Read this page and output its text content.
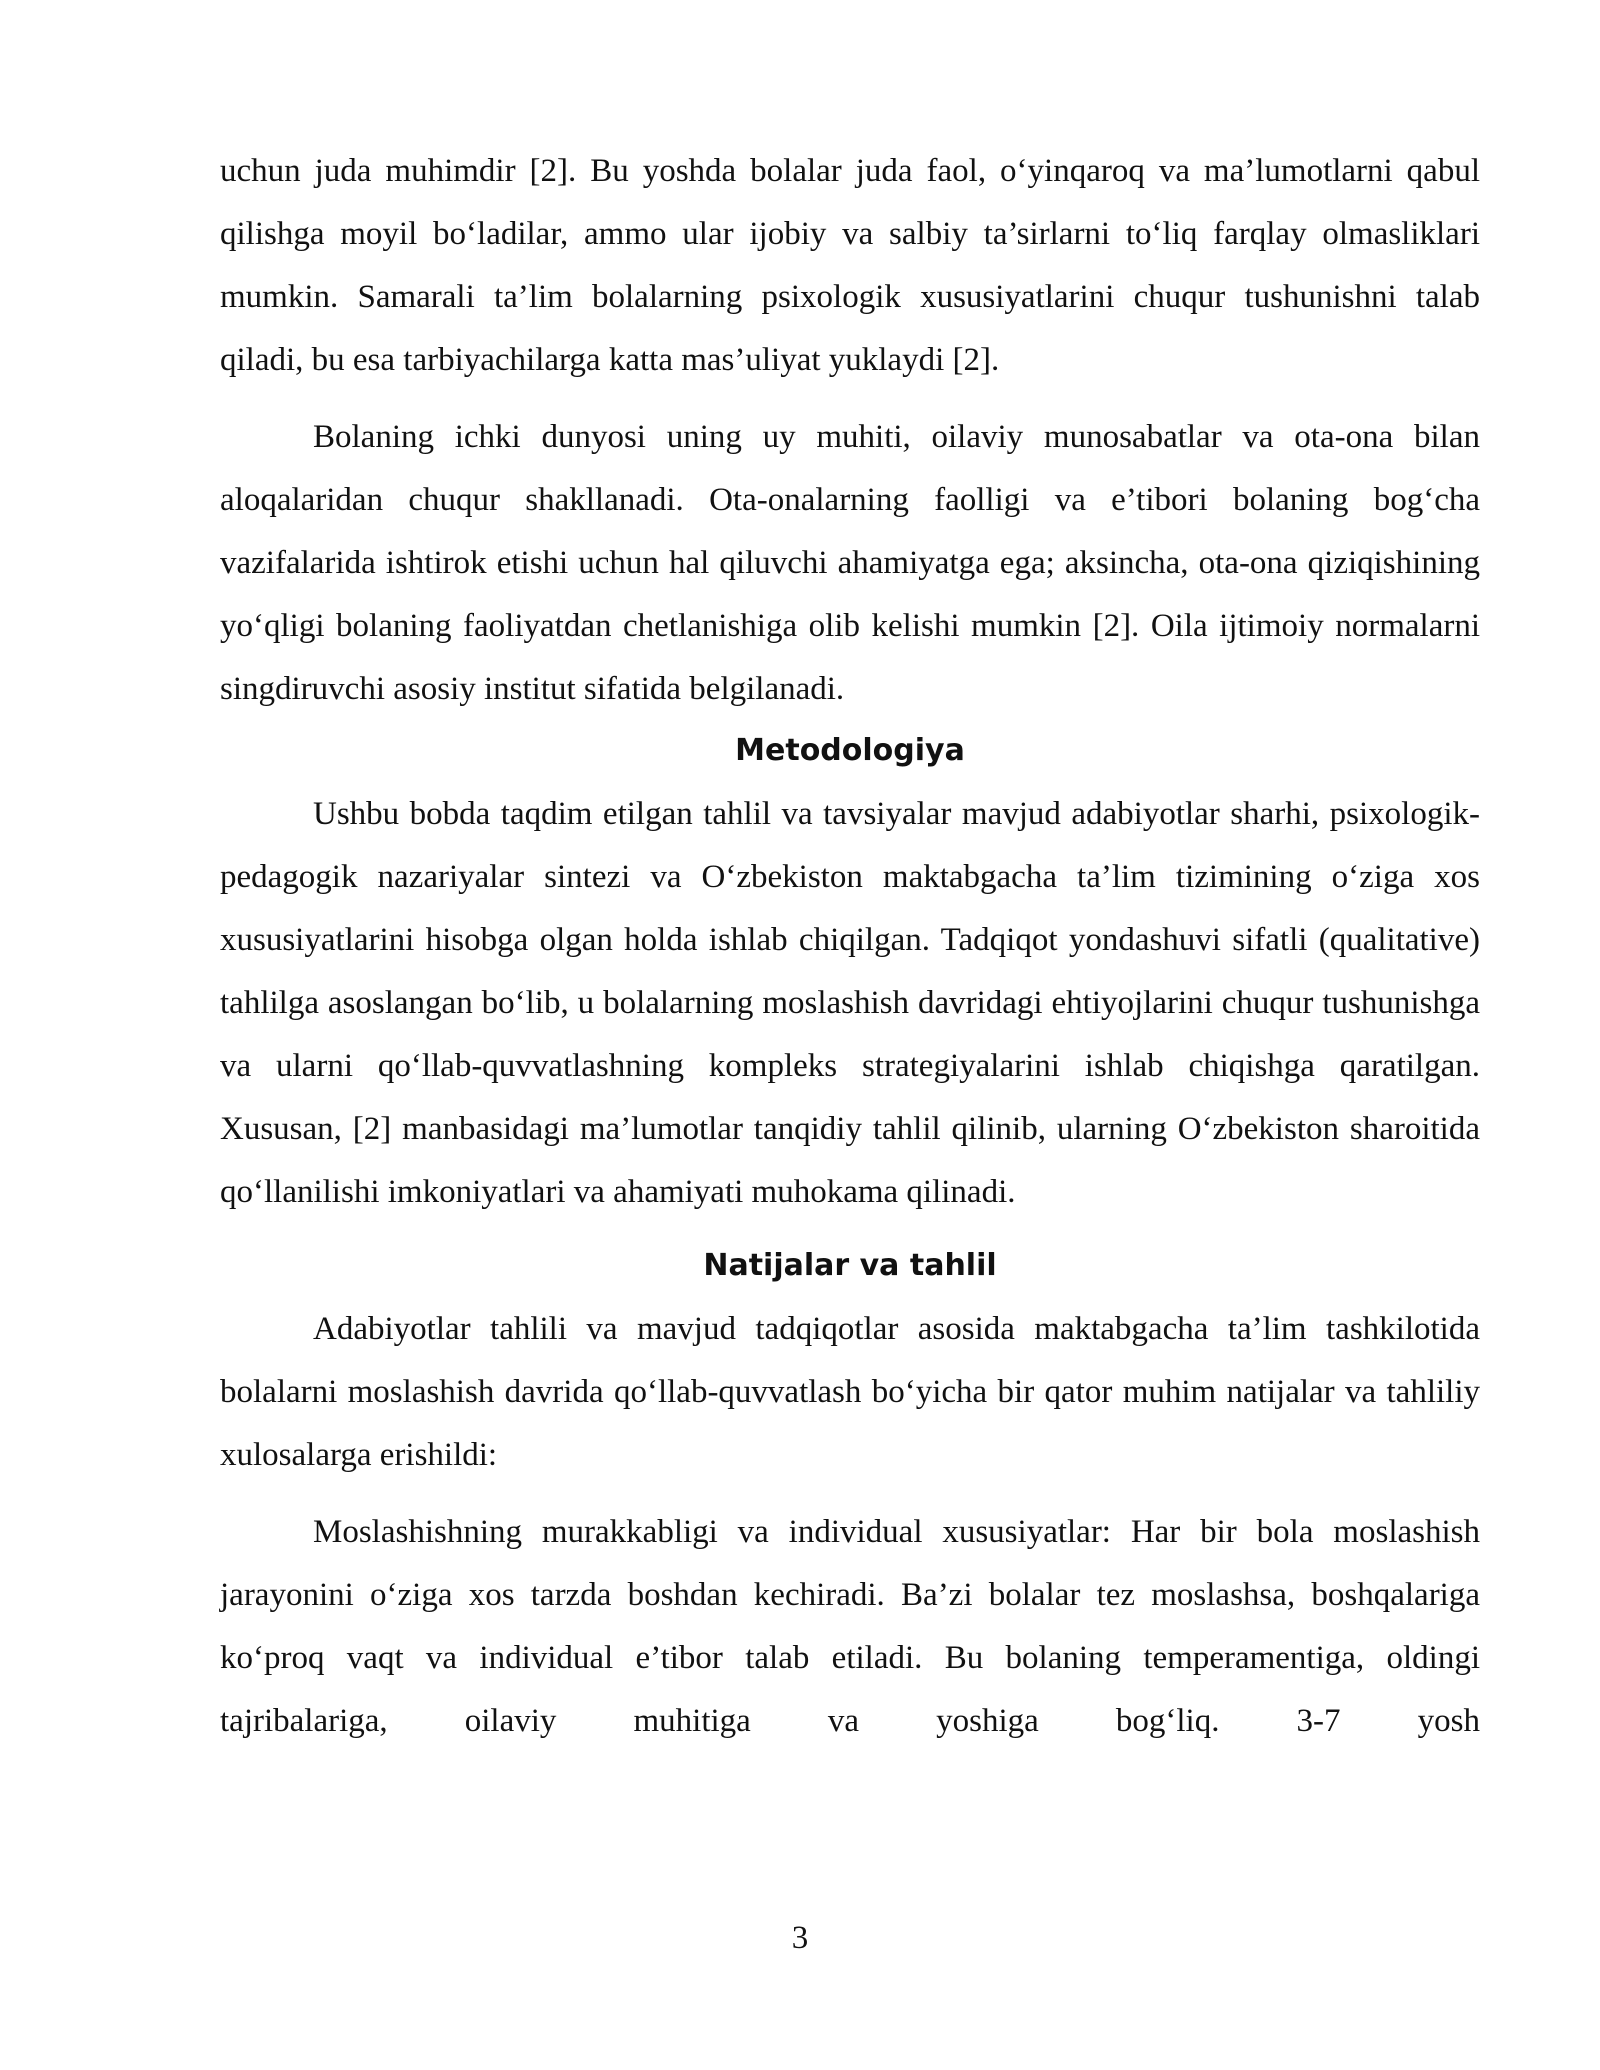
uchun juda muhimdir [2]. Bu yoshda bolalar juda faol, o‘yinqaroq va ma’lumotlarni qabul qilishga moyil bo‘ladilar, ammo ular ijobiy va salbiy ta’sirlarni to‘liq farqlay olmasliklari mumkin. Samarali ta’lim bolalarning psixologik xususiyatlarini chuqur tushunishni talab qiladi, bu esa tarbiyachilarga katta mas’uliyat yuklaydi [2].

Bolaning ichki dunyosi uning uy muhiti, oilaviy munosabatlar va ota-ona bilan aloqalaridan chuqur shakllanadi. Ota-onalarning faolligi va e’tibori bolaning bog‘cha vazifalarida ishtirok etishi uchun hal qiluvchi ahamiyatga ega; aksincha, ota-ona qiziqishining yo‘qligi bolaning faoliyatdan chetlanishiga olib kelishi mumkin [2]. Oila ijtimoiy normalarni singdiruvchi asosiy institut sifatida belgilanadi.

Metodologiya

Ushbu bobda taqdim etilgan tahlil va tavsiyalar mavjud adabiyotlar sharhi, psixologik-pedagogik nazariyalar sintezi va O‘zbekiston maktabgacha ta’lim tizimining o‘ziga xos xususiyatlarini hisobga olgan holda ishlab chiqilgan. Tadqiqot yondashuvi sifatli (qualitative) tahlilga asoslangan bo‘lib, u bolalarning moslashish davridagi ehtiyojlarini chuqur tushunishga va ularni qo‘llab-quvvatlashning kompleks strategiyalarini ishlab chiqishga qaratilgan. Xususan, [2] manbasidagi ma’lumotlar tanqidiy tahlil qilinib, ularning O‘zbekiston sharoitida qo‘llanilishi imkoniyatlari va ahamiyati muhokama qilinadi.

Natijalar va tahlil

Adabiyotlar tahlili va mavjud tadqiqotlar asosida maktabgacha ta’lim tashkilotida bolalarni moslashish davrida qo‘llab-quvvatlash bo‘yicha bir qator muhim natijalar va tahliliy xulosalarga erishildi:

Moslashishning murakkabligi va individual xususiyatlar: Har bir bola moslashish jarayonini o‘ziga xos tarzda boshdan kechiradi. Ba’zi bolalar tez moslashsa, boshqalariga ko‘proq vaqt va individual e’tibor talab etiladi. Bu bolaning temperamentiga, oldingi tajribalariga, oilaviy muhitiga va yoshiga bog‘liq. 3-7 yosh

3
